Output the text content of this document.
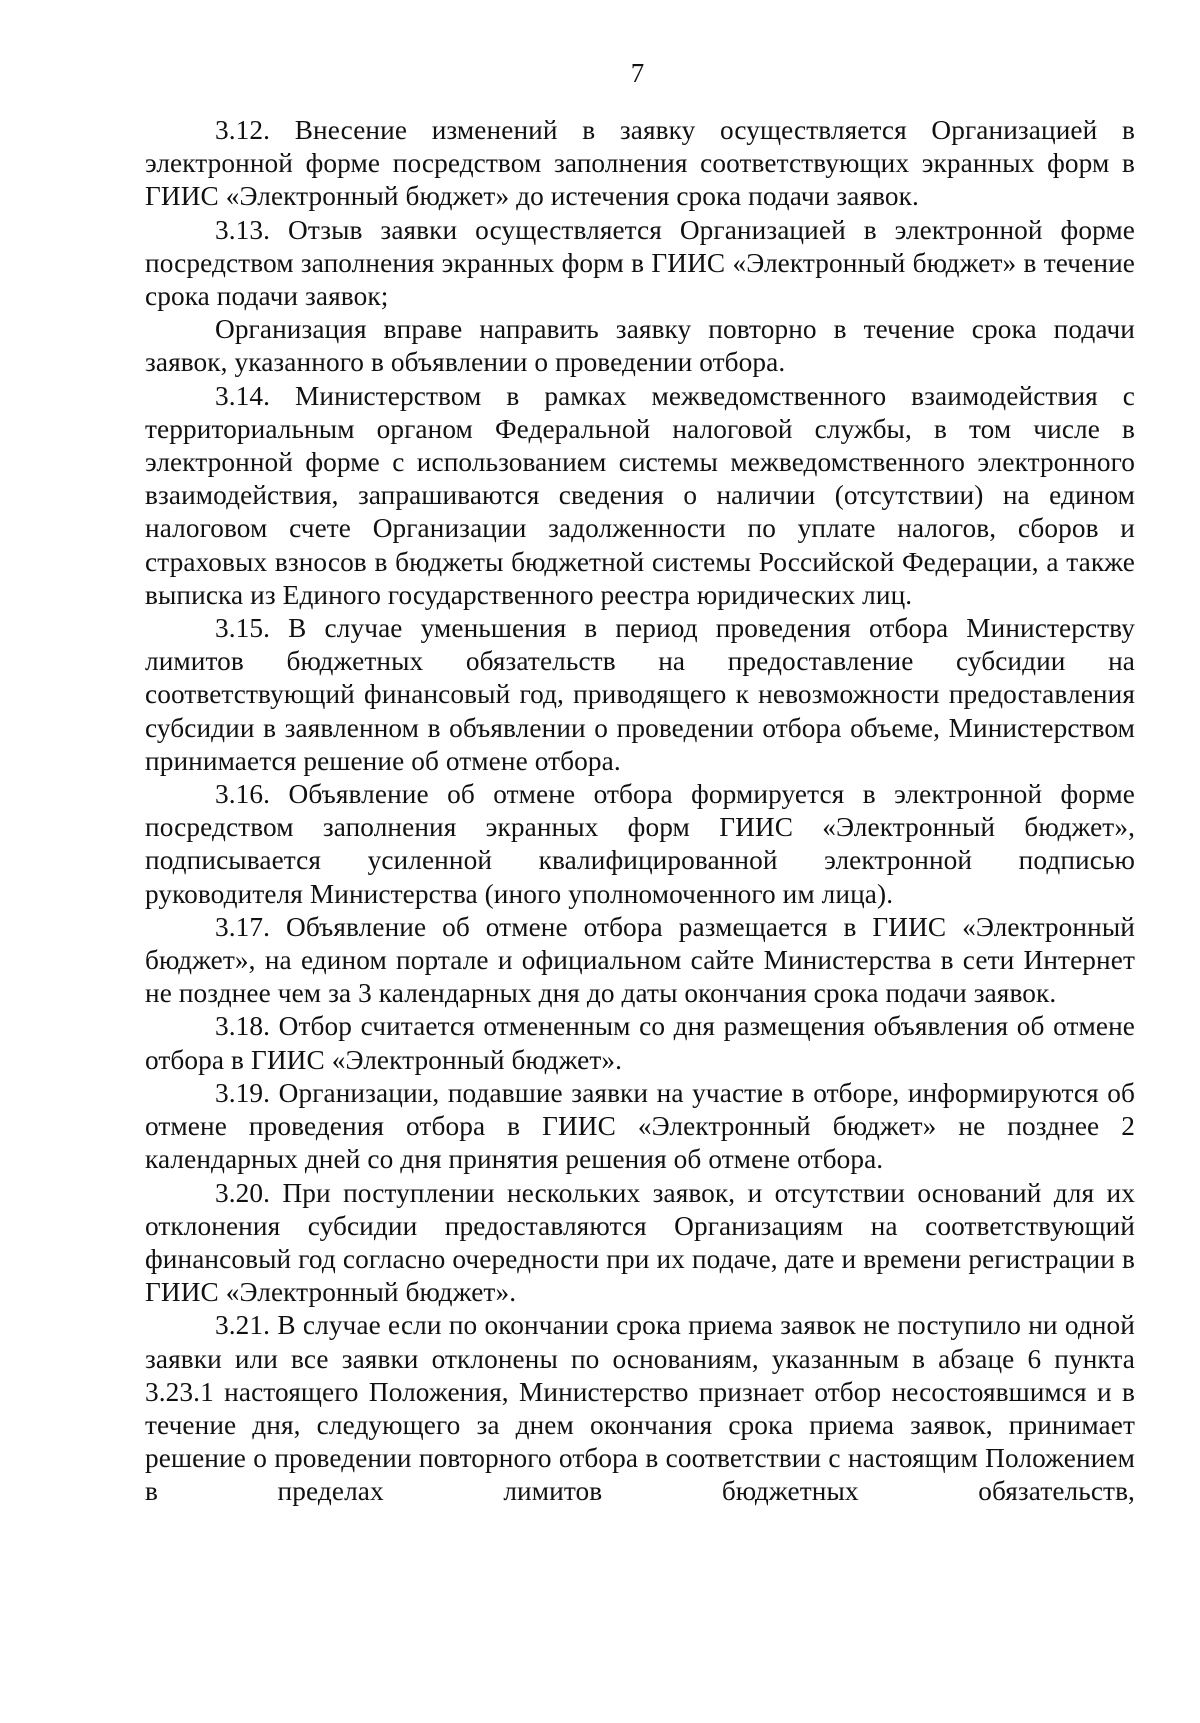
7

3.12. Внесение изменений в заявку осуществляется Организацией в электронной форме посредством заполнения соответствующих экранных форм в ГИИС «Электронный бюджет» до истечения срока подачи заявок.

3.13. Отзыв заявки осуществляется Организацией в электронной форме посредством заполнения экранных форм в ГИИС «Электронный бюджет» в течение срока подачи заявок;

Организация вправе направить заявку повторно в течение срока подачи заявок, указанного в объявлении о проведении отбора.

3.14. Министерством в рамках межведомственного взаимодействия с территориальным органом Федеральной налоговой службы, в том числе в электронной форме с использованием системы межведомственного электронного взаимодействия, запрашиваются сведения о наличии (отсутствии) на едином налоговом счете Организации задолженности по уплате налогов, сборов и страховых взносов в бюджеты бюджетной системы Российской Федерации, а также выписка из Единого государственного реестра юридических лиц.

3.15. В случае уменьшения в период проведения отбора Министерству лимитов бюджетных обязательств на предоставление субсидии на соответствующий финансовый год, приводящего к невозможности предоставления субсидии в заявленном в объявлении о проведении отбора объеме, Министерством принимается решение об отмене отбора.

3.16. Объявление об отмене отбора формируется в электронной форме посредством заполнения экранных форм ГИИС «Электронный бюджет», подписывается усиленной квалифицированной электронной подписью руководителя Министерства (иного уполномоченного им лица).

3.17. Объявление об отмене отбора размещается в ГИИС «Электронный бюджет», на едином портале и официальном сайте Министерства в сети Интернет не позднее чем за 3 календарных дня до даты окончания срока подачи заявок.

3.18. Отбор считается отмененным со дня размещения объявления об отмене отбора в ГИИС «Электронный бюджет».

3.19. Организации, подавшие заявки на участие в отборе, информируются об отмене проведения отбора в ГИИС «Электронный бюджет» не позднее 2 календарных дней со дня принятия решения об отмене отбора.

3.20. При поступлении нескольких заявок, и отсутствии оснований для их отклонения субсидии предоставляются Организациям на соответствующий финансовый год согласно очередности при их подаче, дате и времени регистрации в ГИИС «Электронный бюджет».

3.21. В случае если по окончании срока приема заявок не поступило ни одной заявки или все заявки отклонены по основаниям, указанным в абзаце 6 пункта 3.23.1 настоящего Положения, Министерство признает отбор несостоявшимся и в течение дня, следующего за днем окончания срока приема заявок, принимает решение о проведении повторного отбора в соответствии с настоящим Положением в пределах лимитов бюджетных обязательств,
